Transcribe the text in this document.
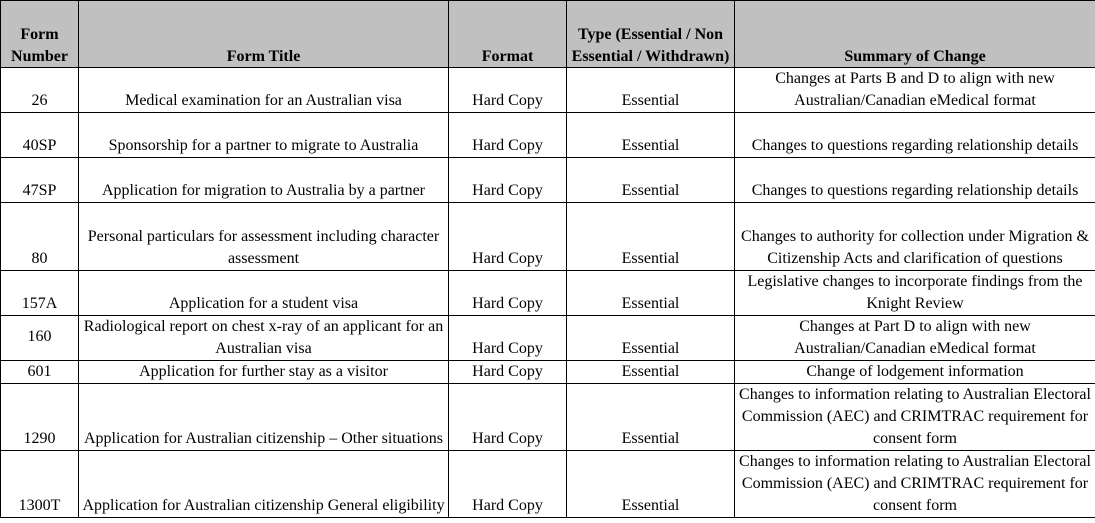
Form Number	Form Title	Format	Type (Essential / Non Essential / Withdrawn)	Summary of Change
26	Medical examination for an Australian visa	Hard Copy	Essential	Changes at Parts B and D to align with new Australian/Canadian eMedical format
40SP	Sponsorship for a partner to migrate to Australia	Hard Copy	Essential	Changes to questions regarding relationship details
47SP	Application for migration to Australia by a partner	Hard Copy	Essential	Changes to questions regarding relationship details
80	Personal particulars for assessment including character assessment	Hard Copy	Essential	Changes to authority for collection under Migration & Citizenship Acts and clarification of questions
157A	Application for a student visa	Hard Copy	Essential	Legislative changes to incorporate findings from the Knight Review
160	Radiological report on chest x-ray of an applicant for an Australian visa	Hard Copy	Essential	Changes at Part D to align with new Australian/Canadian eMedical format
601	Application for further stay as a visitor	Hard Copy	Essential	Change of lodgement information
1290	Application for Australian citizenship – Other situations	Hard Copy	Essential	Changes to information relating to Australian Electoral Commission (AEC) and CRIMTRAC requirement for consent form
1300T	Application for Australian citizenship General eligibility	Hard Copy	Essential	Changes to information relating to Australian Electoral Commission (AEC) and CRIMTRAC requirement for consent form
